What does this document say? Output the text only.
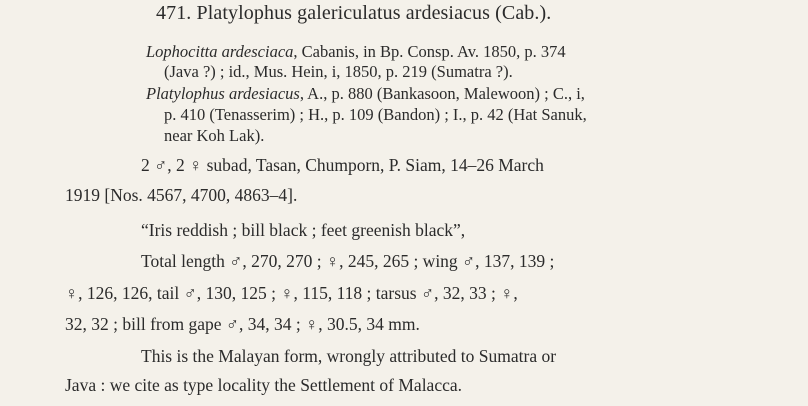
471. Platylophus galericulatus ardesiacus (Cab.).
Lophocitta ardesciaca, Cabanis, in Bp. Consp. Av. 1850, p. 374
(Java ?) ; id., Mus. Hein, i, 1850, p. 219 (Sumatra ?).
Platylophus ardesiacus, A., p. 880 (Bankasoon, Malewoon) ; C., i,
p. 410 (Tenasserim) ; H., p. 109 (Bandon) ; I., p. 42 (Hat Sanuk,
near Koh Lak).
2 ♂, 2 ♀ subad, Tasan, Chumporn, P. Siam, 14–26 March
1919 [Nos. 4567, 4700, 4863–4].
“Iris reddish ; bill black ; feet greenish black”,
Total length ♂, 270, 270 ; ♀, 245, 265 ; wing ♂, 137, 139 ;
♀, 126, 126, tail ♂, 130, 125 ; ♀, 115, 118 ; tarsus ♂, 32, 33 ; ♀,
32, 32 ; bill from gape ♂, 34, 34 ; ♀, 30.5, 34 mm.
This is the Malayan form, wrongly attributed to Sumatra or
Java : we cite as type locality the Settlement of Malacca.
